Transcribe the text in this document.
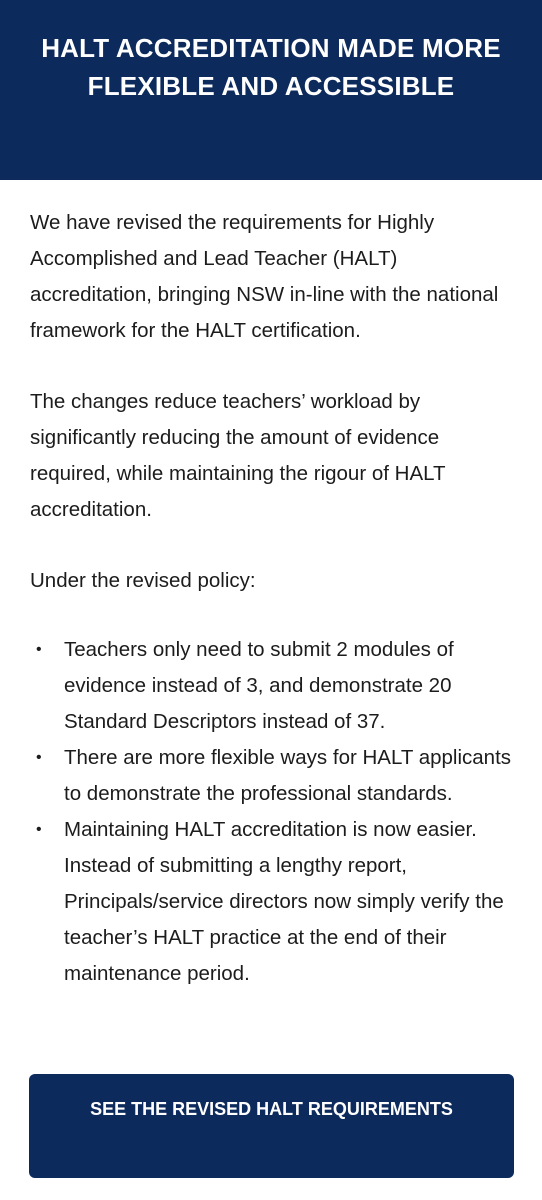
HALT ACCREDITATION MADE MORE FLEXIBLE AND ACCESSIBLE

We have revised the requirements for Highly Accomplished and Lead Teacher (HALT) accreditation, bringing NSW in-line with the national framework for the HALT certification.

The changes reduce teachers’ workload by significantly reducing the amount of evidence required, while maintaining the rigour of HALT accreditation.

Under the revised policy:

• Teachers only need to submit 2 modules of evidence instead of 3, and demonstrate 20 Standard Descriptors instead of 37.
• There are more flexible ways for HALT applicants to demonstrate the professional standards.
• Maintaining HALT accreditation is now easier. Instead of submitting a lengthy report, Principals/service directors now simply verify the teacher’s HALT practice at the end of their maintenance period.
SEE THE REVISED HALT REQUIREMENTS
